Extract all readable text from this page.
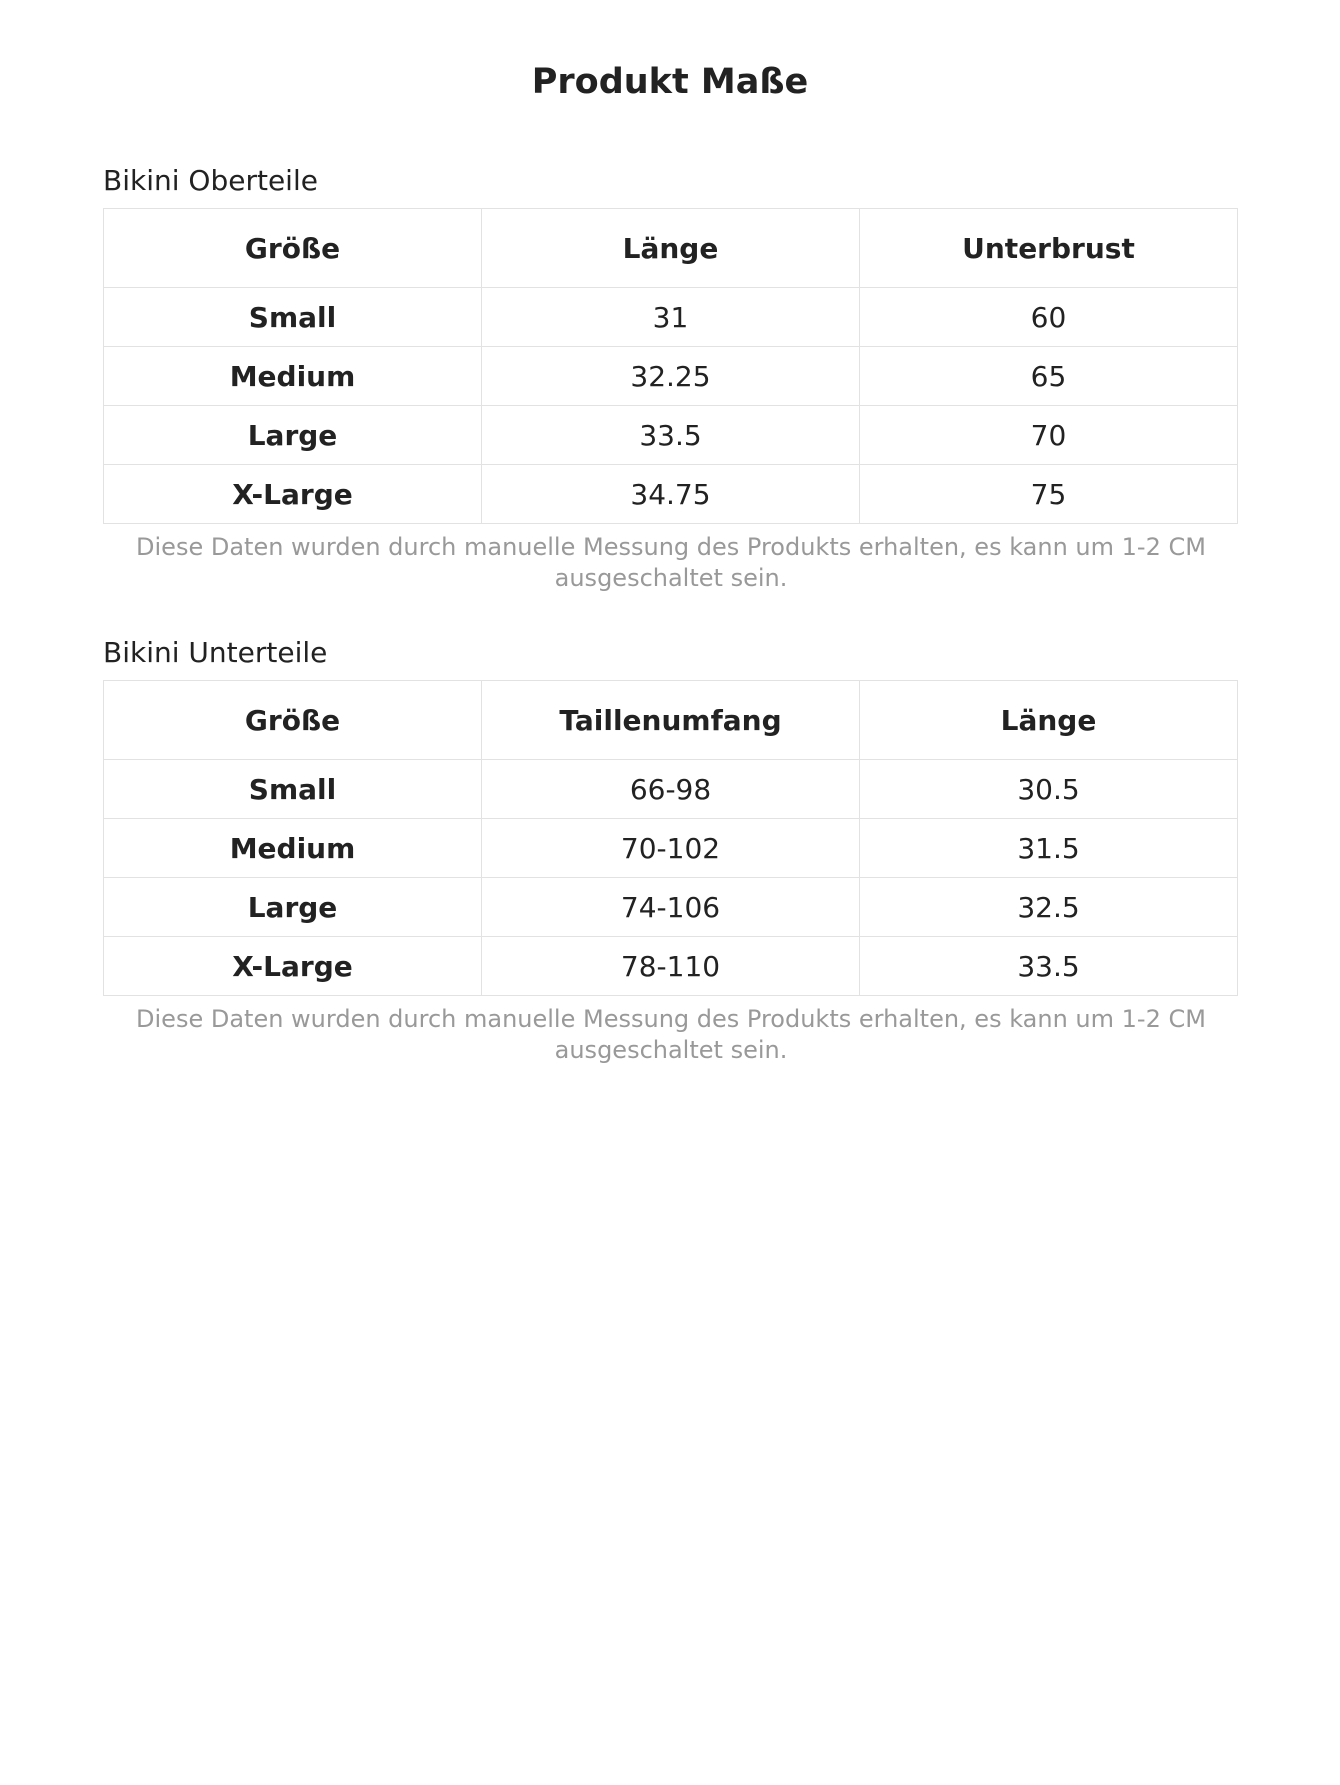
Produkt Maße
Bikini Oberteile
Größe	Länge	Unterbrust
Small	31	60
Medium	32.25	65
Large	33.5	70
X-Large	34.75	75
Diese Daten wurden durch manuelle Messung des Produkts erhalten, es kann um 1-2 CM ausgeschaltet sein.
Bikini Unterteile
Größe	Taillenumfang	Länge
Small	66-98	30.5
Medium	70-102	31.5
Large	74-106	32.5
X-Large	78-110	33.5
Diese Daten wurden durch manuelle Messung des Produkts erhalten, es kann um 1-2 CM ausgeschaltet sein.
